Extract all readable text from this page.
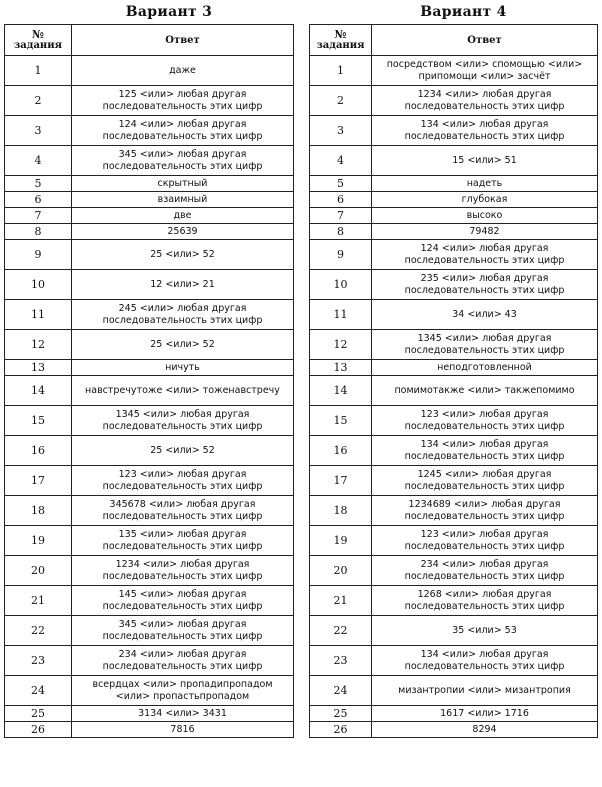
Вариант 3
№
задания	Ответ
1	даже
2	125 <или> любая другая последовательность этих цифр
3	124 <или> любая другая последовательность этих цифр
4	345 <или> любая другая последовательность этих цифр
5	скрытный
6	взаимный
7	две
8	25639
9	25 <или> 52
10	12 <или> 21
11	245 <или> любая другая последовательность этих цифр
12	25 <или> 52
13	ничуть
14	навстречутоже <или> тоженавстречу
15	1345 <или> любая другая последовательность этих цифр
16	25 <или> 52
17	123 <или> любая другая последовательность этих цифр
18	345678 <или> любая другая последовательность этих цифр
19	135 <или> любая другая последовательность этих цифр
20	1234 <или> любая другая последовательность этих цифр
21	145 <или> любая другая последовательность этих цифр
22	345 <или> любая другая последовательность этих цифр
23	234 <или> любая другая последовательность этих цифр
24	всердцах <или> пропадипропадом <или> пропастьпропадом
25	3134 <или> 3431
26	7816
Вариант 4
№
задания	Ответ
1	посредством <или> спомощью <или> припомощи <или> засчёт
2	1234 <или> любая другая последовательность этих цифр
3	134 <или> любая другая последовательность этих цифр
4	15 <или> 51
5	надеть
6	глубокая
7	высоко
8	79482
9	124 <или> любая другая последовательность этих цифр
10	235 <или> любая другая последовательность этих цифр
11	34 <или> 43
12	1345 <или> любая другая последовательность этих цифр
13	неподготовленной
14	помимотакже <или> такжепомимо
15	123 <или> любая другая последовательность этих цифр
16	134 <или> любая другая последовательность этих цифр
17	1245 <или> любая другая последовательность этих цифр
18	1234689 <или> любая другая последовательность этих цифр
19	123 <или> любая другая последовательность этих цифр
20	234 <или> любая другая последовательность этих цифр
21	1268 <или> любая другая последовательность этих цифр
22	35 <или> 53
23	134 <или> любая другая последовательность этих цифр
24	мизантропии <или> мизантропия
25	1617 <или> 1716
26	8294
